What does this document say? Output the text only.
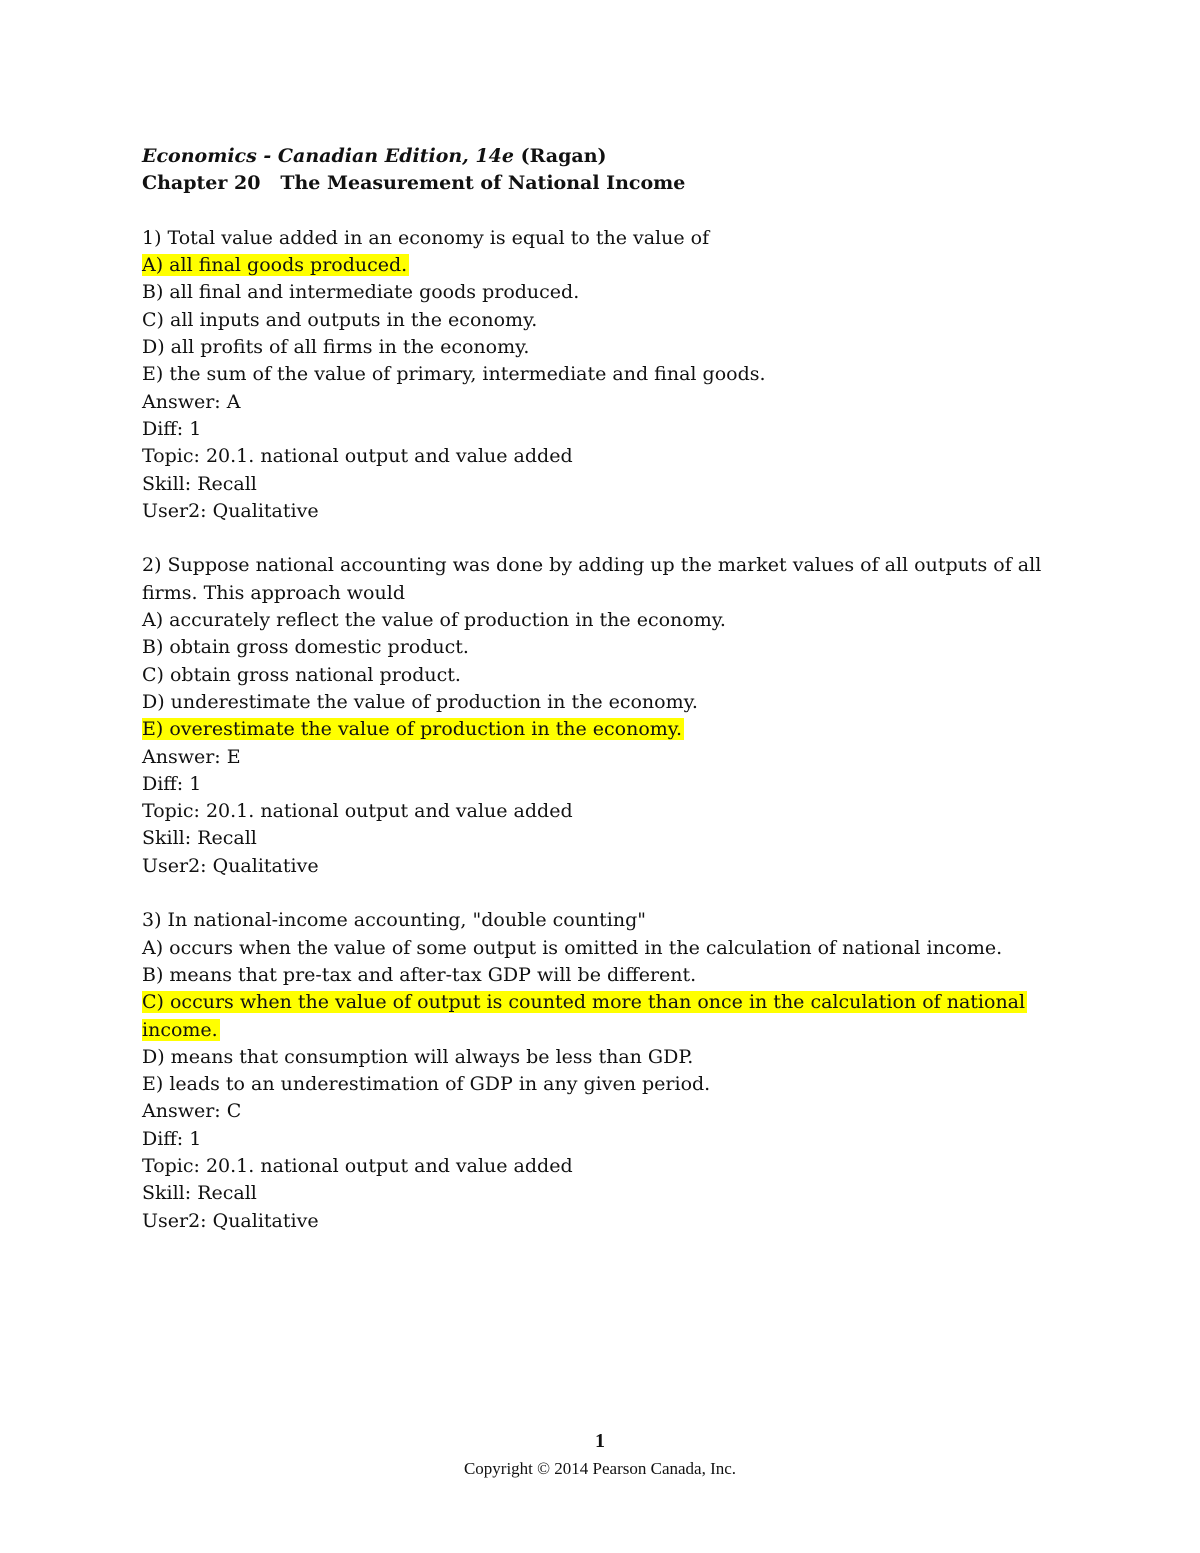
Economics - Canadian Edition, 14e (Ragan)
Chapter 20 The Measurement of National Income
1) Total value added in an economy is equal to the value of
A) all final goods produced.
B) all final and intermediate goods produced.
C) all inputs and outputs in the economy.
D) all profits of all firms in the economy.
E) the sum of the value of primary, intermediate and final goods.
Answer: A
Diff: 1
Topic: 20.1. national output and value added
Skill: Recall
User2: Qualitative
2) Suppose national accounting was done by adding up the market values of all outputs of all
firms. This approach would
A) accurately reflect the value of production in the economy.
B) obtain gross domestic product.
C) obtain gross national product.
D) underestimate the value of production in the economy.
E) overestimate the value of production in the economy.
Answer: E
Diff: 1
Topic: 20.1. national output and value added
Skill: Recall
User2: Qualitative
3) In national-income accounting, "double counting"
A) occurs when the value of some output is omitted in the calculation of national income.
B) means that pre-tax and after-tax GDP will be different.
C) occurs when the value of output is counted more than once in the calculation of national
income.
D) means that consumption will always be less than GDP.
E) leads to an underestimation of GDP in any given period.
Answer: C
Diff: 1
Topic: 20.1. national output and value added
Skill: Recall
User2: Qualitative
1
Copyright © 2014 Pearson Canada, Inc.
